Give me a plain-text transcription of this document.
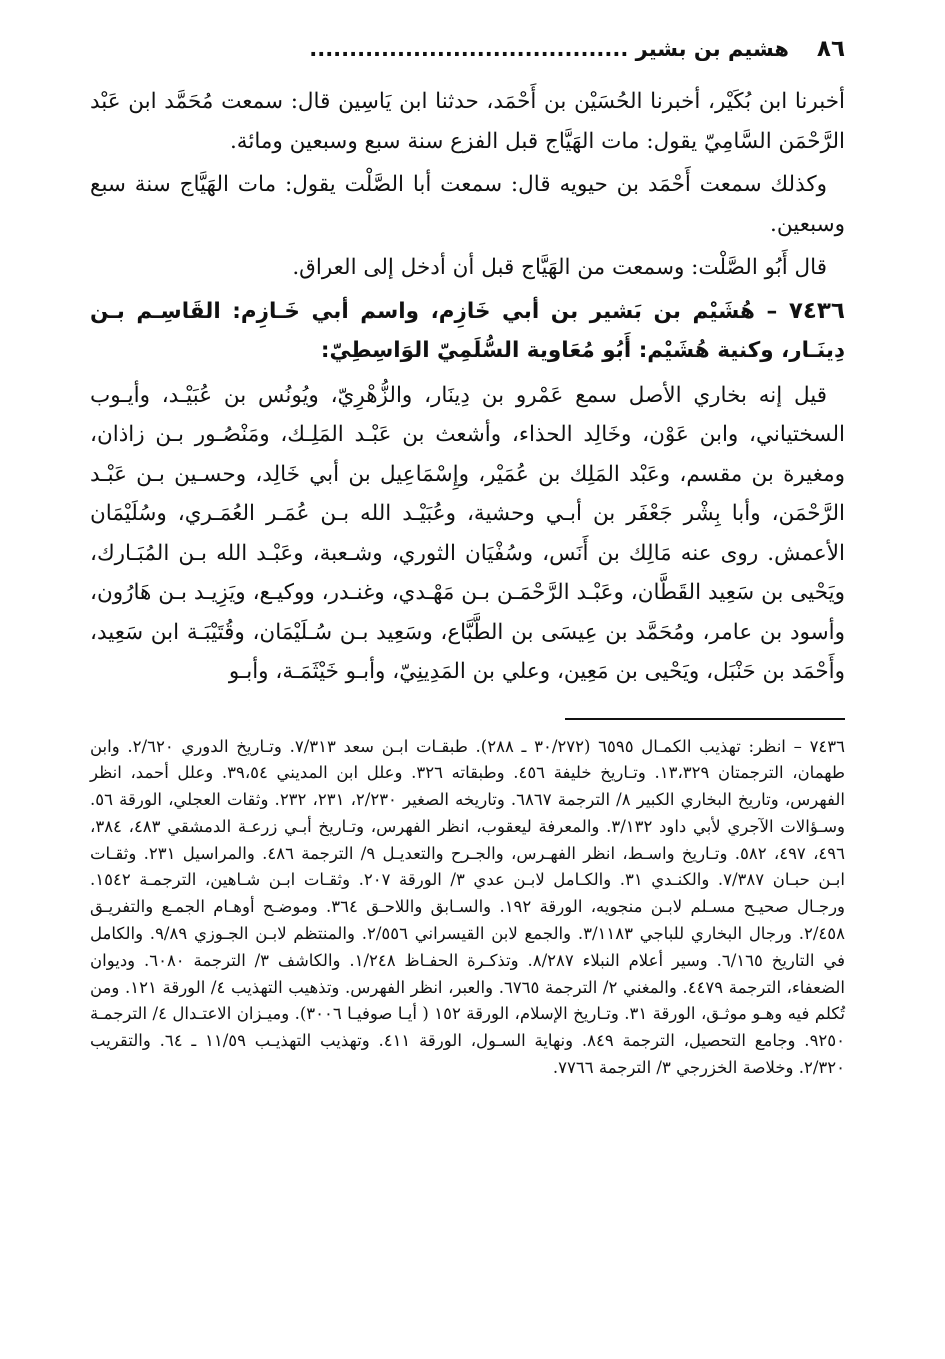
٨٦
هشيم بن بشير ........................................

أخبرنا ابن بُكَيْر، أخبرنا الحُسَيْن بن أَحْمَد، حدثنا ابن يَاسِين قال: سمعت مُحَمَّد ابن عَبْد الرَّحْمَن السَّامِيّ يقول: مات الهَيَّاج قبل الفزع سنة سبع وسبعين ومائة.

وكذلك سمعت أَحْمَد بن حيويه قال: سمعت أبا الصَّلْت يقول: مات الهَيَّاج سنة سبع وسبعين.

قال أَبُو الصَّلْت: وسمعت من الهَيَّاج قبل أن أدخل إلى العراق.

٧٤٣٦ – هُشَيْم بن بَشير بن أبي خَازِم، واسم أبي خَـازِم: القَاسِـم بـن دِينَـار، وكنية هُشَيْم: أَبُو مُعَاوية السُّلَمِيّ الوَاسِطِيّ:

قيل إنه بخاري الأصل سمع عَمْرو بن دِينَار، والزُّهْرِيّ، ويُونُس بن عُبَيْـد، وأيـوب السختياني، وابن عَوْن، وخَالِد الحذاء، وأشعث بن عَبْـد المَلِـك، ومَنْصُـور بـن زاذان، ومغيرة بن مقسم، وعَبْد المَلِك بن عُمَيْر، وإِسْمَاعِيل بن أبي خَالِد، وحسـين بـن عَبْـد الرَّحْمَن، وأبا بِشْر جَعْفَر بن أبـي وحشية، وعُبَيْـد الله بـن عُمَـر العُمَـري، وسُلَيْمَان الأعمش. روى عنه مَالِك بن أَنَس، وسُفْيَان الثوري، وشـعبة، وعَبْـد الله بـن المُبَـارك، ويَحْيى بن سَعِيد القَطَّان، وعَبْـد الرَّحْمَـن بـن مَهْـدي، وغنـدر، ووكيـع، ويَزِيـد بـن هَارُون، وأسود بن عامر، ومُحَمَّد بن عِيسَى بن الطَّبَّاع، وسَعِيد بـن سُـلَيْمَان، وقُتَيْبَـة ابن سَعِيد، وأَحْمَد بن حَنْبَل، ويَحْيى بن مَعِين، وعلي بن المَدِينِيّ، وأبـو خَيْثَمَـة، وأبـو

٧٤٣٦ – انظر: تهذيب الكمـال ٦٥٩٥ (٣٠/٢٧٢ ـ ٢٨٨). طبقـات ابـن سعد ٧/٣١٣. وتـاريخ الدوري ٢/٦٢٠. وابن طهمان، الترجمتان ١٣،٣٢٩. وتـاريخ خليفة ٤٥٦. وطبقاته ٣٢٦. وعلل ابن المديني ٣٩،٥٤. وعلل أحمد، انظر الفهرس، وتاريخ البخاري الكبير ٨/ الترجمة ٦٨٦٧. وتاريخه الصغير ٢/٢٣٠، ٢٣١، ٢٣٢. وثقات العجلي، الورقة ٥٦. وسـؤالات الآجري لأبي داود ٣/١٣٢. والمعرفة ليعقوب، انظر الفهرس، وتـاريخ أبـي زرعـة الدمشقي ٤٨٣، ٣٨٤، ٤٩٦، ٤٩٧، ٥٨٢. وتـاريخ واسـط، انظر الفهـرس، والجـرح والتعديـل ٩/ الترجمة ٤٨٦. والمراسيل ٢٣١. وثقـات ابـن حبـان ٧/٣٨٧. والكنـدي ٣١. والكـامل لابـن عدي ٣/ الورقة ٢٠٧. وثقـات ابـن شـاهين، الترجمـة ١٥٤٢. ورجـال صحيـح مسـلم لابـن منجويه، الورقة ١٩٢. والسـابق واللاحـق ٣٦٤. وموضـح أوهـام الجمـع والتفريـق ٢/٤٥٨. ورجال البخاري للباجي ٣/١١٨٣. والجمع لابن القيسراني ٢/٥٥٦. والمنتظم لابـن الجـوزي ٩/٨٩. والكامل في التاريخ ٦/١٦٥. وسير أعلام النبلاء ٨/٢٨٧. وتذكـرة الحفـاظ ١/٢٤٨. والكاشف ٣/ الترجمة ٦٠٨٠. وديوان الضعفاء، الترجمة ٤٤٧٩. والمغني ٢/ الترجمة ٦٧٦٥. والعبر، انظر الفهرس. وتذهيب التهذيب ٤/ الورقة ١٢١. ومن تُكلم فيه وهـو موثـق، الورقة ٣١. وتـاريخ الإسلام، الورقة ١٥٢ ( أيـا صوفيـا ٣٠٠٦). وميـزان الاعتـدال ٤/ الترجمـة ٩٢٥٠. وجامع التحصيل، الترجمة ٨٤٩. ونهاية السـول، الورقة ٤١١. وتهذيب التهذيـب ١١/٥٩ ـ ٦٤. والتقريب ٢/٣٢٠. وخلاصة الخزرجي ٣/ الترجمة ٧٧٦٦.
